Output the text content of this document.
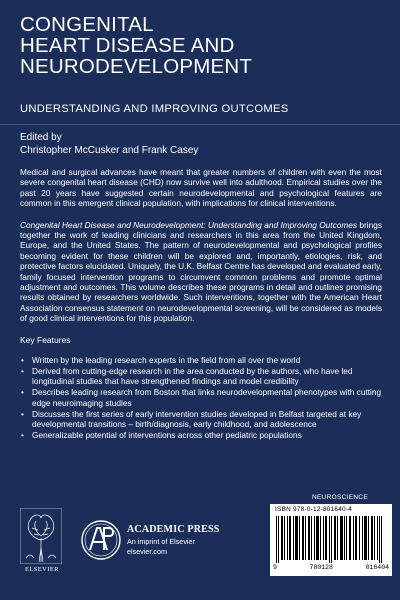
CONGENITAL
HEART DISEASE AND
NEURODEVELOPMENT
UNDERSTANDING AND IMPROVING OUTCOMES
Edited by
Christopher McCusker and Frank Casey

Medical and surgical advances have meant that greater numbers of children with even the most severe congenital heart disease (CHD) now survive well into adulthood. Empirical studies over the past 20 years have suggested certain neurodevelopmental and psychological features are common in this emergent clinical population, with implications for clinical interventions.

Congenital Heart Disease and Neurodevelopment: Understanding and Improving Outcomes brings together the work of leading clinicians and researchers in this area from the United Kingdom, Europe, and the United States. The pattern of neurodevelopmental and psychological profiles becoming evident for these children will be explored and, importantly, etiologies, risk, and protective factors elucidated. Uniquely, the U.K. Belfast Centre has developed and evaluated early, family focused intervention programs to circumvent common problems and promote optimal adjustment and outcomes. This volume describes these programs in detail and outlines promising results obtained by researchers worldwide. Such interventions, together with the American Heart Association consensus statement on neurodevelopmental screening, will be considered as models of good clinical interventions for this population.

Key Features
• Written by the leading research experts in the field from all over the world
• Derived from cutting-edge research in the area conducted by the authors, who have led longitudinal studies that have strengthened findings and model credibility
• Describes leading research from Boston that links neurodevelopmental phenotypes with cutting edge neuroimaging studies
• Discusses the first series of early intervention studies developed in Belfast targeted at key developmental transitions – birth/diagnosis, early childhood, and adolescence
• Generalizable potential of interventions across other pediatric populations
NEUROSCIENCE
ISBN 978-0-12-801640-4
9	780128	016404
ELSEVIER
ACADEMIC PRESS
An imprint of Elsevier
elsevier.com
